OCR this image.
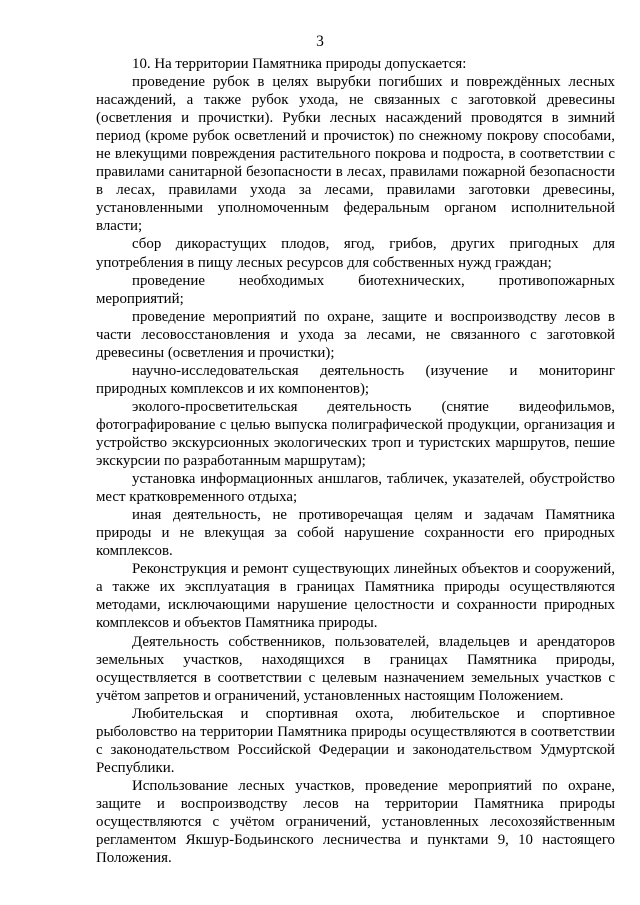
3

10. На территории Памятника природы допускается:

проведение рубок в целях вырубки погибших и повреждённых лесных насаждений, а также рубок ухода, не связанных с заготовкой древесины (осветления и прочистки). Рубки лесных насаждений проводятся в зимний период (кроме рубок осветлений и прочисток) по снежному покрову способами, не влекущими повреждения растительного покрова и подроста, в соответствии с правилами санитарной безопасности в лесах, правилами пожарной безопасности в лесах, правилами ухода за лесами, правилами заготовки древесины, установленными уполномоченным федеральным органом исполнительной власти;

сбор дикорастущих плодов, ягод, грибов, других пригодных для употребления в пищу лесных ресурсов для собственных нужд граждан;

проведение необходимых биотехнических, противопожарных мероприятий;

проведение мероприятий по охране, защите и воспроизводству лесов в части лесовосстановления и ухода за лесами, не связанного с заготовкой древесины (осветления и прочистки);

научно-исследовательская деятельность (изучение и мониторинг природных комплексов и их компонентов);

эколого-просветительская деятельность (снятие видеофильмов, фотографирование с целью выпуска полиграфической продукции, организация и устройство экскурсионных экологических троп и туристских маршрутов, пешие экскурсии по разработанным маршрутам);

установка информационных аншлагов, табличек, указателей, обустройство мест кратковременного отдыха;

иная деятельность, не противоречащая целям и задачам Памятника природы и не влекущая за собой нарушение сохранности его природных комплексов.

Реконструкция и ремонт существующих линейных объектов и сооружений, а также их эксплуатация в границах Памятника природы осуществляются методами, исключающими нарушение целостности и сохранности природных комплексов и объектов Памятника природы.

Деятельность собственников, пользователей, владельцев и арендаторов земельных участков, находящихся в границах Памятника природы, осуществляется в соответствии с целевым назначением земельных участков с учётом запретов и ограничений, установленных настоящим Положением.

Любительская и спортивная охота, любительское и спортивное рыболовство на территории Памятника природы осуществляются в соответствии с законодательством Российской Федерации и законодательством Удмуртской Республики.

Использование лесных участков, проведение мероприятий по охране, защите и воспроизводству лесов на территории Памятника природы осуществляются с учётом ограничений, установленных лесохозяйственным регламентом Якшур-Бодьинского лесничества и пунктами 9, 10 настоящего Положения.
